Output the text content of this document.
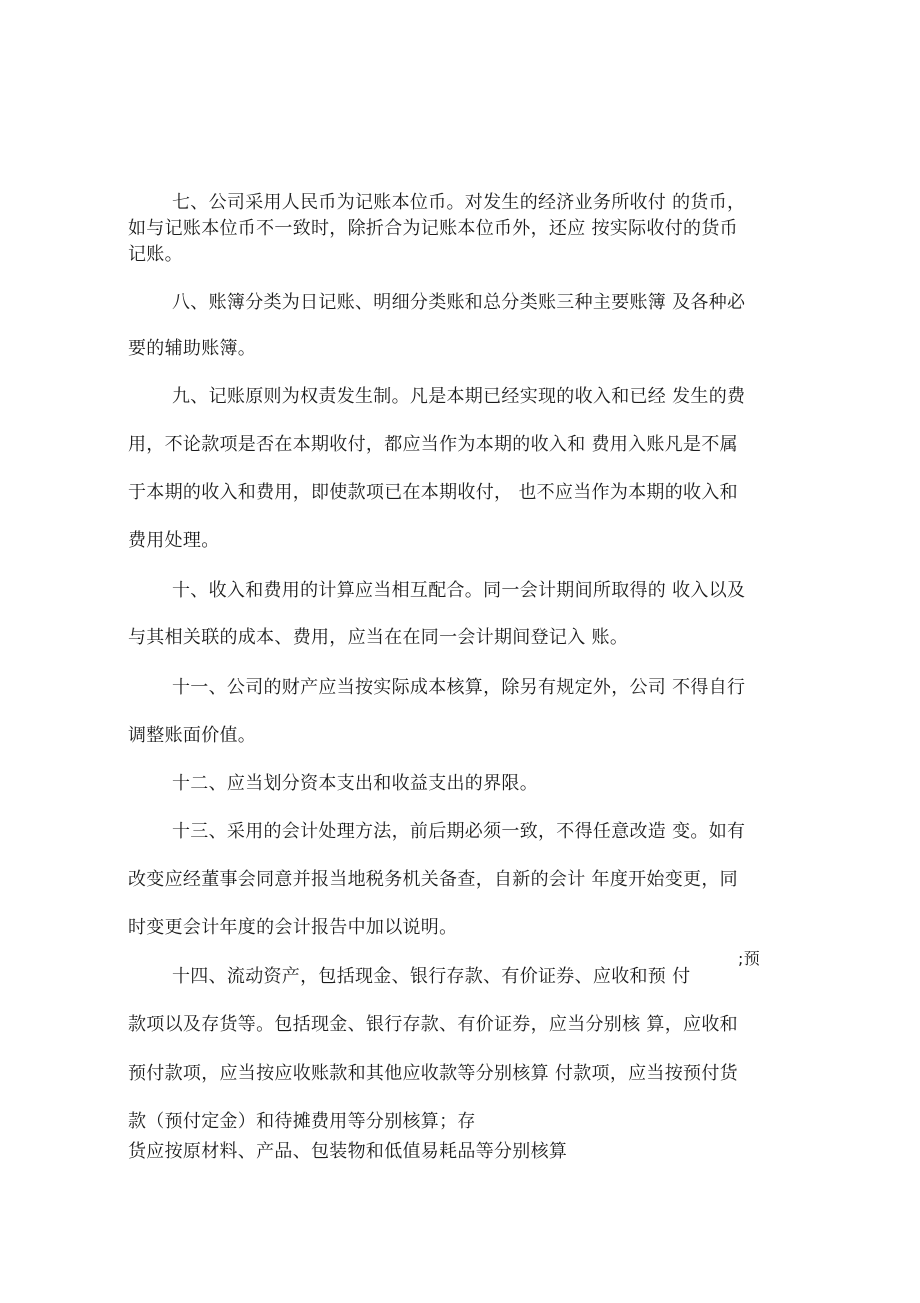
七、公司采用人民币为记账本位币。对发生的经济业务所收付 的货币，
如与记账本位币不一致时，除折合为记账本位币外，还应 按实际收付的货币
记账。
八、账簿分类为日记账、明细分类账和总分类账三种主要账簿 及各种必
要的辅助账簿。
九、记账原则为权责发生制。凡是本期已经实现的收入和已经 发生的费
用，不论款项是否在本期收付，都应当作为本期的收入和 费用入账凡是不属
于本期的收入和费用，即使款项已在本期收付， 也不应当作为本期的收入和
费用处理。
十、收入和费用的计算应当相互配合。同一会计期间所取得的 收入以及
与其相关联的成本、费用，应当在在同一会计期间登记入 账。
十一、公司的财产应当按实际成本核算，除另有规定外，公司 不得自行
调整账面价值。
十二、应当划分资本支出和收益支出的界限。
十三、采用的会计处理方法，前后期必须一致，不得任意改造 变。如有
改变应经董事会同意并报当地税务机关备查，自新的会计 年度开始变更，同
时变更会计年度的会计报告中加以说明。
;预
十四、流动资产，包括现金、银行存款、有价证券、应收和预 付
款项以及存货等。包括现金、银行存款、有价证券，应当分别核 算，应收和
预付款项，应当按应收账款和其他应收款等分别核算 付款项，应当按预付货
款（预付定金）和待摊费用等分别核算；存
货应按原材料、产品、包装物和低值易耗品等分别核算
